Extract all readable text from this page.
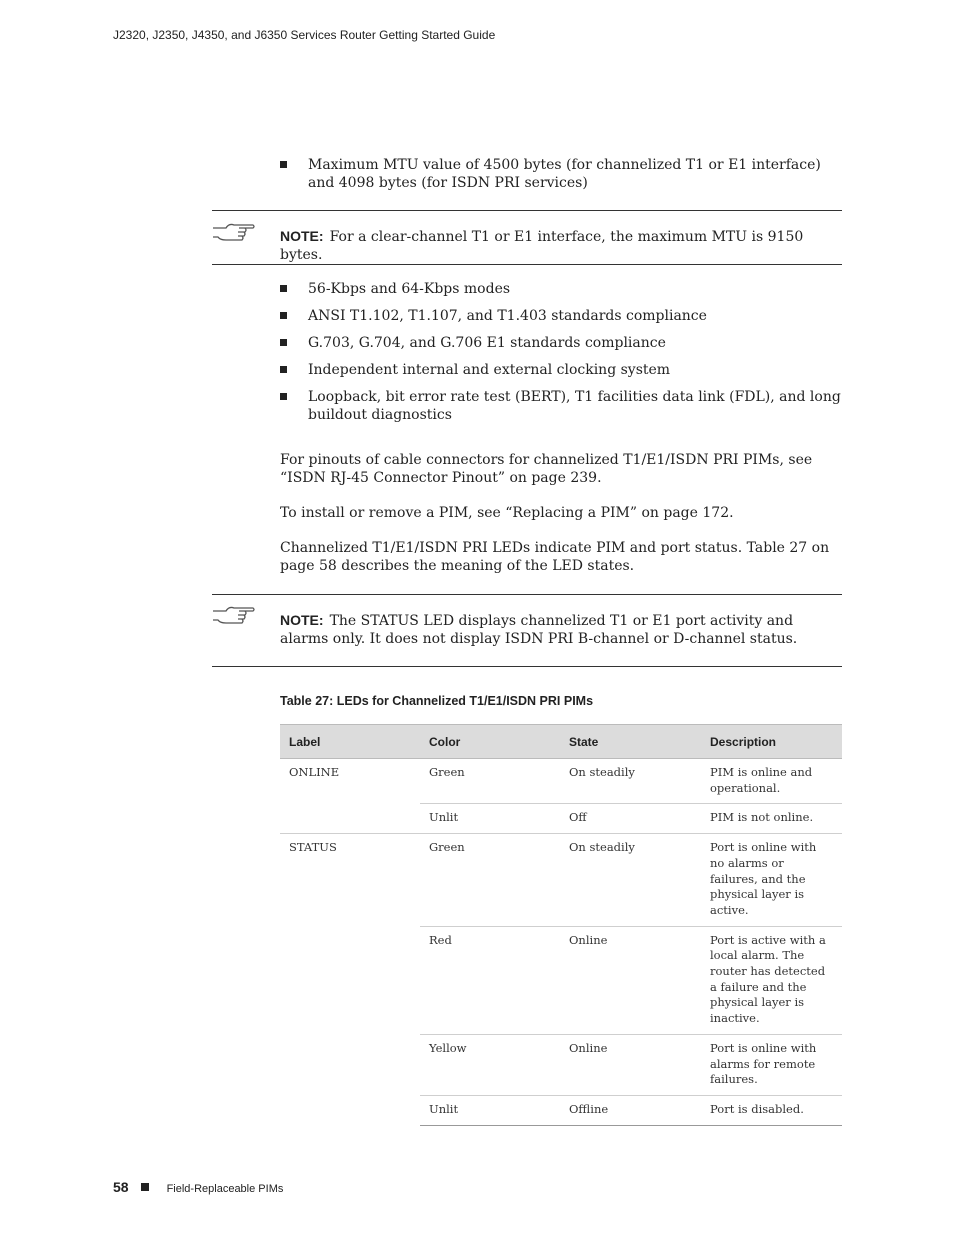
J2320, J2350, J4350, and J6350 Services Router Getting Started Guide
Maximum MTU value of 4500 bytes (for channelized T1 or E1 interface) and 4098 bytes (for ISDN PRI services)
NOTE: For a clear-channel T1 or E1 interface, the maximum MTU is 9150 bytes.
56-Kbps and 64-Kbps modes
ANSI T1.102, T1.107, and T1.403 standards compliance
G.703, G.704, and G.706 E1 standards compliance
Independent internal and external clocking system
Loopback, bit error rate test (BERT), T1 facilities data link (FDL), and long buildout diagnostics

For pinouts of cable connectors for channelized T1/E1/ISDN PRI PIMs, see “ISDN RJ-45 Connector Pinout” on page 239.

To install or remove a PIM, see “Replacing a PIM” on page 172.

Channelized T1/E1/ISDN PRI LEDs indicate PIM and port status. Table 27 on page 58 describes the meaning of the LED states.

NOTE: The STATUS LED displays channelized T1 or E1 port activity and alarms only. It does not display ISDN PRI B-channel or D-channel status.
Table 27: LEDs for Channelized T1/E1/ISDN PRI PIMs
Label	Color	State	Description
ONLINE	Green	On steadily	PIM is online and operational.
	Unlit	Off	PIM is not online.
STATUS	Green	On steadily	Port is online with no alarms or failures, and the physical layer is active.
	Red	Online	Port is active with a local alarm. The router has detected a failure and the physical layer is inactive.
	Yellow	Online	Port is online with alarms for remote failures.
	Unlit	Offline	Port is disabled.
58	Field-Replaceable PIMs
